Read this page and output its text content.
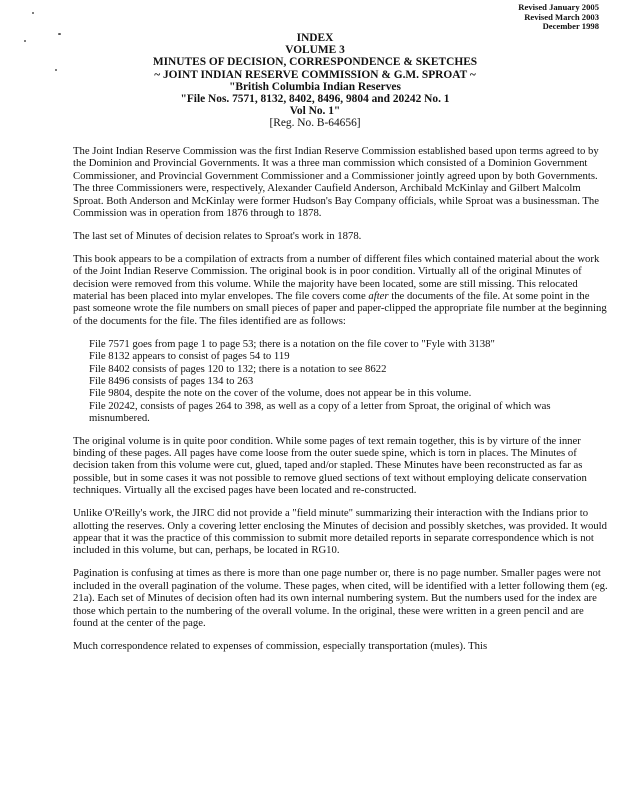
Revised January 2005
Revised March 2003
December 1998
INDEX
VOLUME 3
MINUTES OF DECISION, CORRESPONDENCE & SKETCHES
~ JOINT INDIAN RESERVE COMMISSION & G.M. SPROAT ~
"British Columbia Indian Reserves
"File Nos. 7571, 8132, 8402, 8496, 9804 and 20242 No. 1
Vol No. 1"
[Reg. No. B-64656]

The Joint Indian Reserve Commission was the first Indian Reserve Commission established based upon terms agreed to by the Dominion and Provincial Governments. It was a three man commission which consisted of a Dominion Government Commissioner, and Provincial Government Commissioner and a Commissioner jointly agreed upon by both Governments. The three Commissioners were, respectively, Alexander Caufield Anderson, Archibald McKinlay and Gilbert Malcolm Sproat. Both Anderson and McKinlay were former Hudson's Bay Company officials, while Sproat was a businessman. The Commission was in operation from 1876 through to 1878.

The last set of Minutes of decision relates to Sproat's work in 1878.

This book appears to be a compilation of extracts from a number of different files which contained material about the work of the Joint Indian Reserve Commission. The original book is in poor condition. Virtually all of the original Minutes of decision were removed from this volume. While the majority have been located, some are still missing. This relocated material has been placed into mylar envelopes. The file covers come after the documents of the file. At some point in the past someone wrote the file numbers on small pieces of paper and paper-clipped the appropriate file number at the beginning of the documents for the file. The files identified are as follows:

File 7571 goes from page 1 to page 53; there is a notation on the file cover to "Fyle with 3138"
File 8132 appears to consist of pages 54 to 119
File 8402 consists of pages 120 to 132; there is a notation to see 8622
File 8496 consists of pages 134 to 263
File 9804, despite the note on the cover of the volume, does not appear be in this volume.
File 20242, consists of pages 264 to 398, as well as a copy of a letter from Sproat, the original of which was misnumbered.

The original volume is in quite poor condition. While some pages of text remain together, this is by virture of the inner binding of these pages. All pages have come loose from the outer suede spine, which is torn in places. The Minutes of decision taken from this volume were cut, glued, taped and/or stapled. These Minutes have been reconstructed as far as possible, but in some cases it was not possible to remove glued sections of text without employing delicate conservation techniques. Virtually all the excised pages have been located and re-constructed.

Unlike O'Reilly's work, the JIRC did not provide a "field minute" summarizing their interaction with the Indians prior to allotting the reserves. Only a covering letter enclosing the Minutes of decision and possibly sketches, was provided. It would appear that it was the practice of this commission to submit more detailed reports in separate correspondence which is not included in this volume, but can, perhaps, be located in RG10.

Pagination is confusing at times as there is more than one page number or, there is no page number. Smaller pages were not included in the overall pagination of the volume. These pages, when cited, will be identified with a letter following them (eg. 21a). Each set of Minutes of decision often had its own internal numbering system. But the numbers used for the index are those which pertain to the numbering of the overall volume. In the original, these were written in a green pencil and are found at the center of the page.

Much correspondence related to expenses of commission, especially transportation (mules). This
